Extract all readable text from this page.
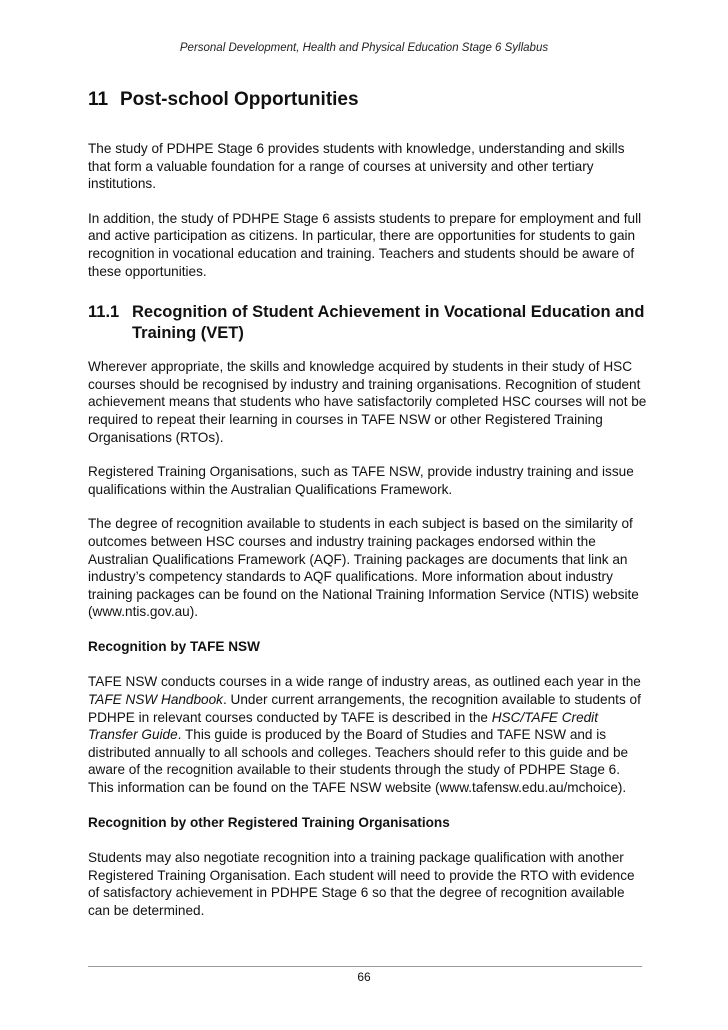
Personal Development, Health and Physical Education Stage 6 Syllabus
11 Post-school Opportunities

The study of PDHPE Stage 6 provides students with knowledge, understanding and skills that form a valuable foundation for a range of courses at university and other tertiary institutions.

In addition, the study of PDHPE Stage 6 assists students to prepare for employment and full and active participation as citizens. In particular, there are opportunities for students to gain recognition in vocational education and training. Teachers and students should be aware of these opportunities.

11.1 Recognition of Student Achievement in Vocational Education and Training (VET)

Wherever appropriate, the skills and knowledge acquired by students in their study of HSC courses should be recognised by industry and training organisations. Recognition of student achievement means that students who have satisfactorily completed HSC courses will not be required to repeat their learning in courses in TAFE NSW or other Registered Training Organisations (RTOs).

Registered Training Organisations, such as TAFE NSW, provide industry training and issue qualifications within the Australian Qualifications Framework.

The degree of recognition available to students in each subject is based on the similarity of outcomes between HSC courses and industry training packages endorsed within the Australian Qualifications Framework (AQF). Training packages are documents that link an industry’s competency standards to AQF qualifications. More information about industry training packages can be found on the National Training Information Service (NTIS) website (www.ntis.gov.au).

Recognition by TAFE NSW

TAFE NSW conducts courses in a wide range of industry areas, as outlined each year in the TAFE NSW Handbook. Under current arrangements, the recognition available to students of PDHPE in relevant courses conducted by TAFE is described in the HSC/TAFE Credit Transfer Guide. This guide is produced by the Board of Studies and TAFE NSW and is distributed annually to all schools and colleges. Teachers should refer to this guide and be aware of the recognition available to their students through the study of PDHPE Stage 6. This information can be found on the TAFE NSW website (www.tafensw.edu.au/mchoice).

Recognition by other Registered Training Organisations

Students may also negotiate recognition into a training package qualification with another Registered Training Organisation. Each student will need to provide the RTO with evidence of satisfactory achievement in PDHPE Stage 6 so that the degree of recognition available can be determined.

66
